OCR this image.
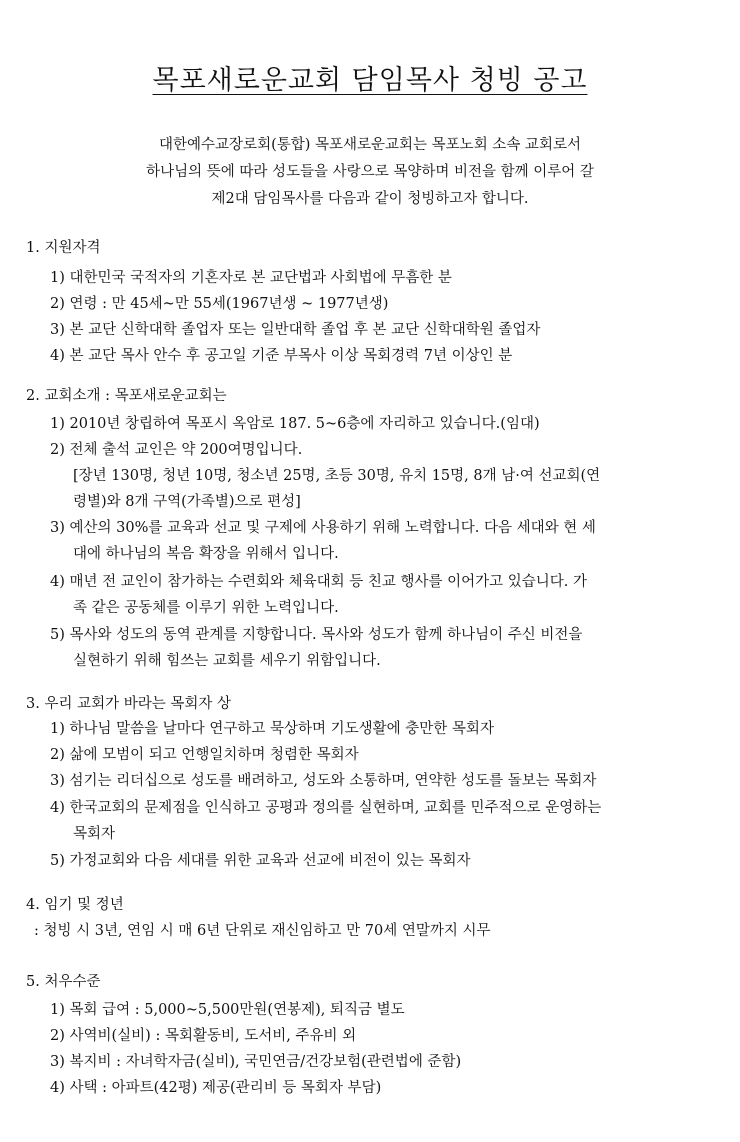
목포새로운교회 담임목사 청빙 공고
대한예수교장로회(통합) 목포새로운교회는 목포노회 소속 교회로서
하나님의 뜻에 따라 성도들을 사랑으로 목양하며 비전을 함께 이루어 갈
제2대 담임목사를 다음과 같이 청빙하고자 합니다.
1. 지원자격
1) 대한민국 국적자의 기혼자로 본 교단법과 사회법에 무흠한 분
2) 연령 : 만 45세~만 55세(1967년생 ~ 1977년생)
3) 본 교단 신학대학 졸업자 또는 일반대학 졸업 후 본 교단 신학대학원 졸업자
4) 본 교단 목사 안수 후 공고일 기준 부목사 이상 목회경력 7년 이상인 분
2. 교회소개 : 목포새로운교회는
1) 2010년 창립하여 목포시 옥암로 187. 5~6층에 자리하고 있습니다.(임대)
2) 전체 출석 교인은 약 200여명입니다.
[장년 130명, 청년 10명, 청소년 25명, 초등 30명, 유치 15명, 8개 남·여 선교회(연
령별)와 8개 구역(가족별)으로 편성]
3) 예산의 30%를 교육과 선교 및 구제에 사용하기 위해 노력합니다. 다음 세대와 현 세
대에 하나님의 복음 확장을 위해서 입니다.
4) 매년 전 교인이 참가하는 수련회와 체육대회 등 친교 행사를 이어가고 있습니다. 가
족 같은 공동체를 이루기 위한 노력입니다.
5) 목사와 성도의 동역 관계를 지향합니다. 목사와 성도가 함께 하나님이 주신 비전을
실현하기 위해 힘쓰는 교회를 세우기 위함입니다.
3. 우리 교회가 바라는 목회자 상
1) 하나님 말씀을 날마다 연구하고 묵상하며 기도생활에 충만한 목회자
2) 삶에 모범이 되고 언행일치하며 청렴한 목회자
3) 섬기는 리더십으로 성도를 배려하고, 성도와 소통하며, 연약한 성도를 돌보는 목회자
4) 한국교회의 문제점을 인식하고 공평과 정의를 실현하며, 교회를 민주적으로 운영하는
목회자
5) 가정교회와 다음 세대를 위한 교육과 선교에 비전이 있는 목회자
4. 임기 및 정년
: 청빙 시 3년, 연임 시 매 6년 단위로 재신임하고 만 70세 연말까지 시무
5. 처우수준
1) 목회 급여 : 5,000~5,500만원(연봉제), 퇴직금 별도
2) 사역비(실비) : 목회활동비, 도서비, 주유비 외
3) 복지비 : 자녀학자금(실비), 국민연금/건강보험(관련법에 준함)
4) 사택 : 아파트(42평) 제공(관리비 등 목회자 부담)
